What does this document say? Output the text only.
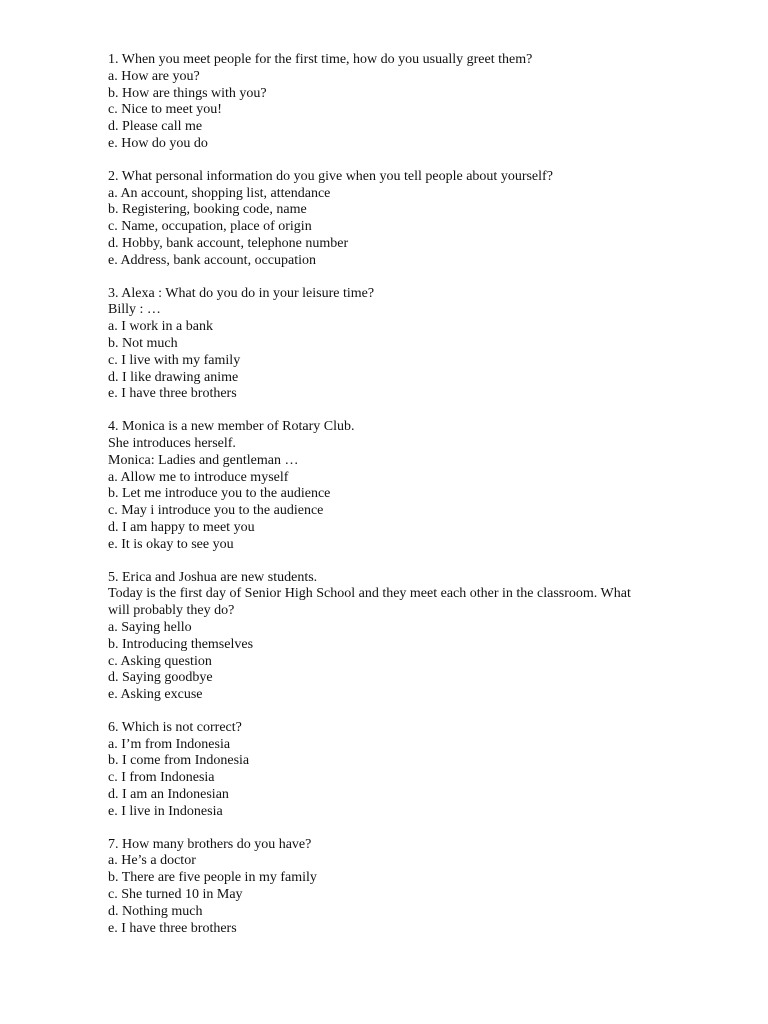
1. When you meet people for the first time, how do you usually greet them?
a. How are you?
b. How are things with you?
c. Nice to meet you!
d. Please call me
e. How do you do
2. What personal information do you give when you tell people about yourself?
a. An account, shopping list, attendance
b. Registering, booking code, name
c. Name, occupation, place of origin
d. Hobby, bank account, telephone number
e. Address, bank account, occupation
3. Alexa : What do you do in your leisure time?
Billy : …
a. I work in a bank
b. Not much
c. I live with my family
d. I like drawing anime
e. I have three brothers
4. Monica is a new member of Rotary Club.
She introduces herself.
Monica: Ladies and gentleman …
a. Allow me to introduce myself
b. Let me introduce you to the audience
c. May i introduce you to the audience
d. I am happy to meet you
e. It is okay to see you
5. Erica and Joshua are new students.
Today is the first day of Senior High School and they meet each other in the classroom. What
will probably they do?
a. Saying hello
b. Introducing themselves
c. Asking question
d. Saying goodbye
e. Asking excuse
6. Which is not correct?
a. I’m from Indonesia
b. I come from Indonesia
c. I from Indonesia
d. I am an Indonesian
e. I live in Indonesia
7. How many brothers do you have?
a. He’s a doctor
b. There are five people in my family
c. She turned 10 in May
d. Nothing much
e. I have three brothers
